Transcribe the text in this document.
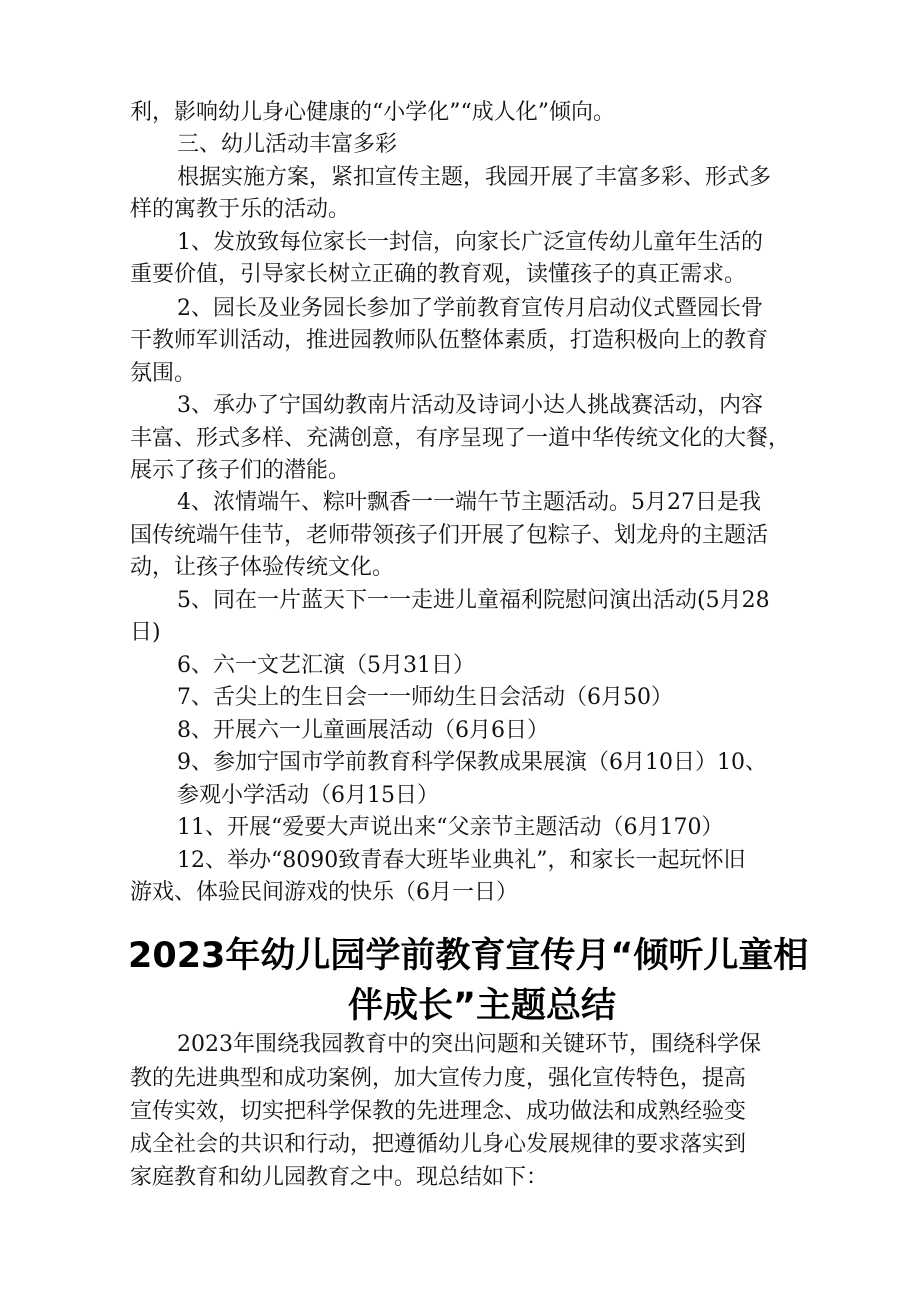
利，影响幼儿身心健康的“小学化”“成人化”倾向。
三、幼儿活动丰富多彩
根据实施方案，紧扣宣传主题，我园开展了丰富多彩、形式多
样的寓教于乐的活动。
1、发放致每位家长一封信，向家长广泛宣传幼儿童年生活的
重要价值，引导家长树立正确的教育观，读懂孩子的真正需求。
2、园长及业务园长参加了学前教育宣传月启动仪式暨园长骨
干教师军训活动，推进园教师队伍整体素质，打造积极向上的教育
氛围。
3、承办了宁国幼教南片活动及诗词小达人挑战赛活动，内容
丰富、形式多样、充满创意，有序呈现了一道中华传统文化的大餐，
展示了孩子们的潜能。
4、浓情端午、粽叶飘香一一端午节主题活动。5月27日是我
国传统端午佳节，老师带领孩子们开展了包粽子、划龙舟的主题活
动，让孩子体验传统文化。
5、同在一片蓝天下一一走进儿童福利院慰问演出活动(5月28
日)
6、六一文艺汇演（5月31日）
7、舌尖上的生日会一一师幼生日会活动（6月50）
8、开展六一儿童画展活动（6月6日）
9、参加宁国市学前教育科学保教成果展演（6月10日）10、
参观小学活动（6月15日）
11、开展“爱要大声说出来“父亲节主题活动（6月170）
12、举办“8090致青春大班毕业典礼”，和家长一起玩怀旧
游戏、体验民间游戏的快乐（6月一日）
2023年幼儿园学前教育宣传月“倾听儿童相
伴成长”主题总结
2023年围绕我园教育中的突出问题和关键环节，围绕科学保
教的先进典型和成功案例，加大宣传力度，强化宣传特色，提高
宣传实效，切实把科学保教的先进理念、成功做法和成熟经验变
成全社会的共识和行动，把遵循幼儿身心发展规律的要求落实到
家庭教育和幼儿园教育之中。现总结如下：
